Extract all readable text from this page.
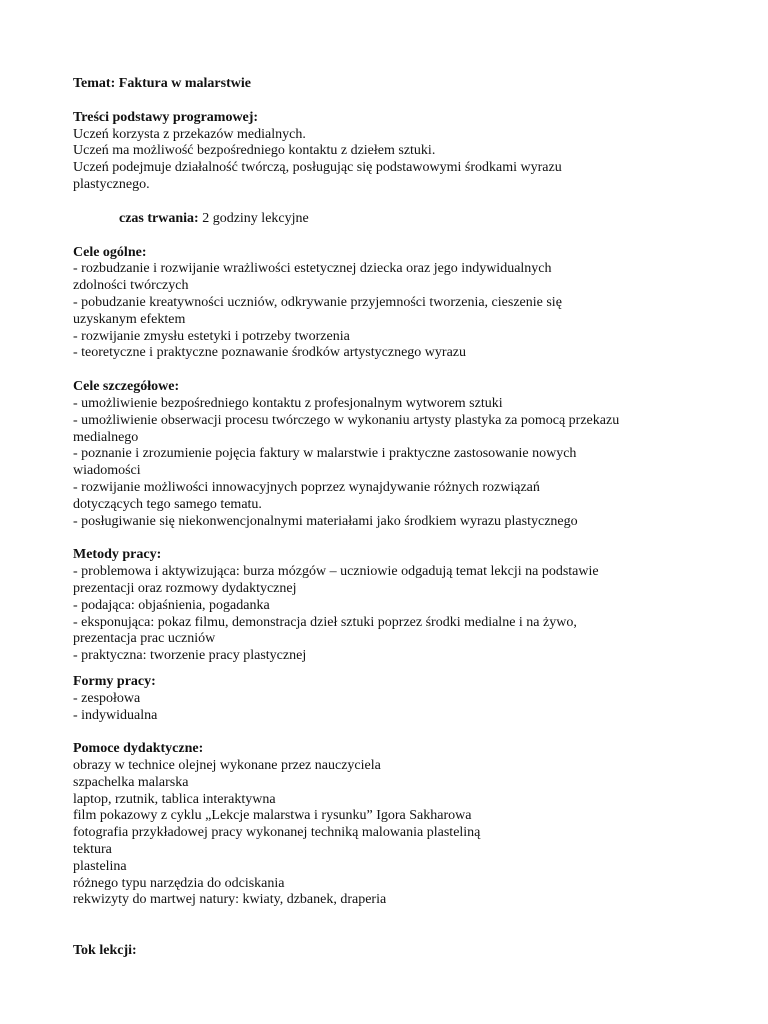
Temat: Faktura w malarstwie

Treści podstawy programowej:

Uczeń korzysta z przekazów medialnych.

Uczeń ma możliwość bezpośredniego kontaktu z dziełem sztuki.

Uczeń podejmuje działalność twórczą, posługując się podstawowymi środkami wyrazu

plastycznego.

czas trwania: 2 godziny lekcyjne

Cele ogólne:

- rozbudzanie i rozwijanie wrażliwości estetycznej dziecka oraz jego indywidualnych

zdolności twórczych

- pobudzanie kreatywności uczniów, odkrywanie przyjemności tworzenia, cieszenie się

uzyskanym efektem

- rozwijanie zmysłu estetyki i potrzeby tworzenia

- teoretyczne i praktyczne poznawanie środków artystycznego wyrazu

Cele szczegółowe:

- umożliwienie bezpośredniego kontaktu z profesjonalnym wytworem sztuki

- umożliwienie obserwacji procesu twórczego w wykonaniu artysty plastyka za pomocą przekazu

medialnego

- poznanie i zrozumienie pojęcia faktury w malarstwie i praktyczne zastosowanie nowych

wiadomości

- rozwijanie możliwości innowacyjnych poprzez wynajdywanie różnych rozwiązań

dotyczących tego samego tematu.

- posługiwanie się niekonwencjonalnymi materiałami jako środkiem wyrazu plastycznego

Metody pracy:

- problemowa i aktywizująca: burza mózgów – uczniowie odgadują temat lekcji na podstawie

prezentacji oraz rozmowy dydaktycznej

- podająca: objaśnienia, pogadanka

- eksponująca: pokaz filmu, demonstracja dzieł sztuki poprzez środki medialne i na żywo,

prezentacja prac uczniów

- praktyczna: tworzenie pracy plastycznej

Formy pracy:

- zespołowa

- indywidualna

Pomoce dydaktyczne:

obrazy w technice olejnej wykonane przez nauczyciela

szpachelka malarska

laptop, rzutnik, tablica interaktywna

film pokazowy z cyklu „Lekcje malarstwa i rysunku” Igora Sakharowa

fotografia przykładowej pracy wykonanej techniką malowania plasteliną

tektura

plastelina

różnego typu narzędzia do odciskania

rekwizyty do martwej natury: kwiaty, dzbanek, draperia

Tok lekcji:
